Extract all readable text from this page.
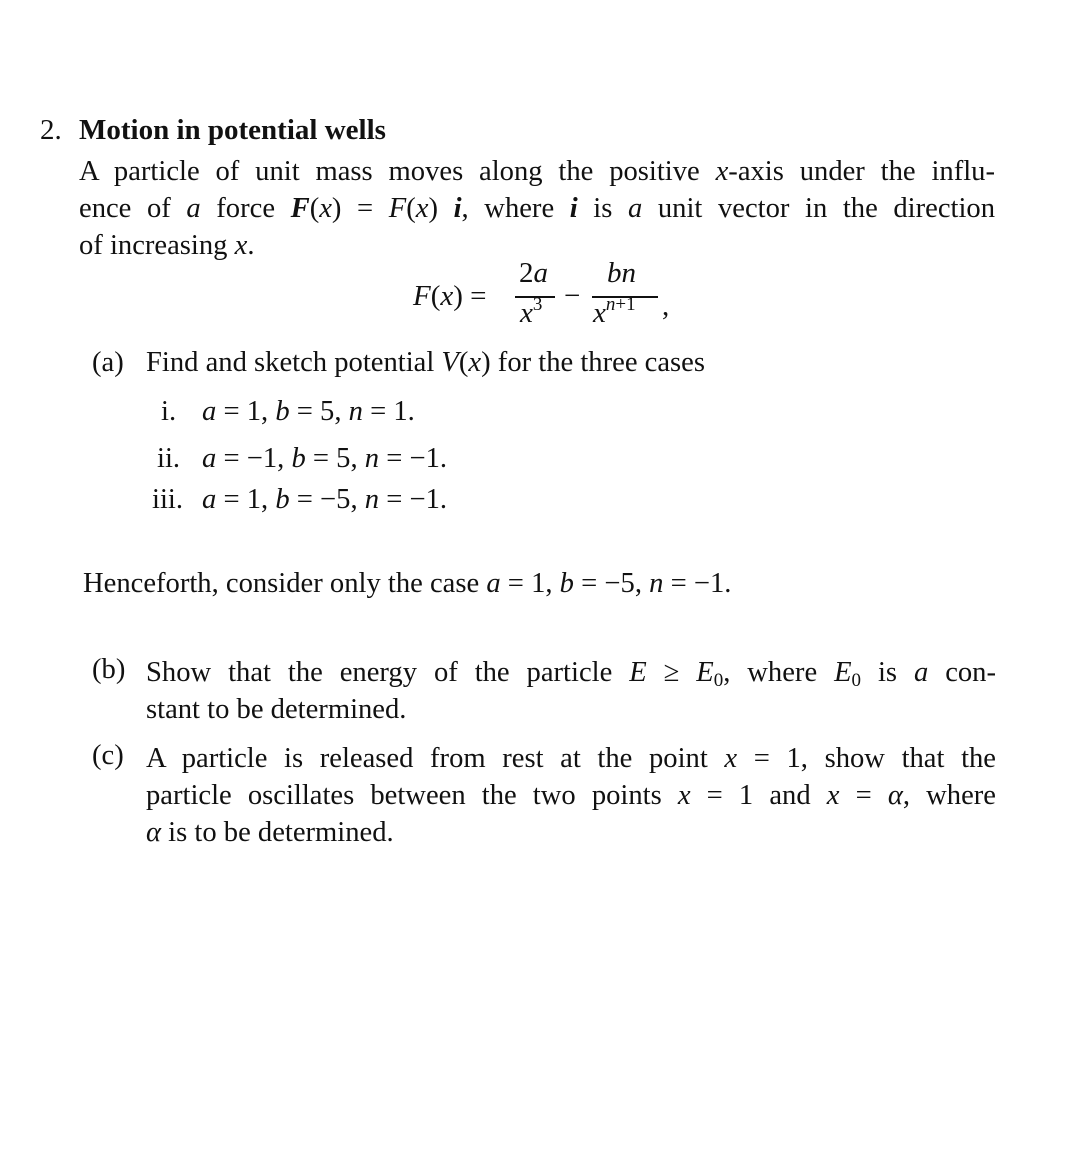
2. Motion in potential wells
A particle of unit mass moves along the positive x-axis under the influ-
ence of a force F(x) = F(x) i, where i is a unit vector in the direction
of increasing x.
F(x) =
2a
$x^3$ −
bn
$x^{n+1}$ ,
(a) Find and sketch potential V(x) for the three cases
i. a = 1, b = 5, n = 1.
ii. a = −1, b = 5, n = −1.
iii. a = 1, b = −5, n = −1.
Henceforth, consider only the case a = 1, b = −5, n = −1.
(b) Show that the energy of the particle $E \ge E_0$, where $E_0$ is a con-
stant to be determined.
(c) A particle is released from rest at the point x = 1, show that the
particle oscillates between the two points x = 1 and x = α, where
α is to be determined.
